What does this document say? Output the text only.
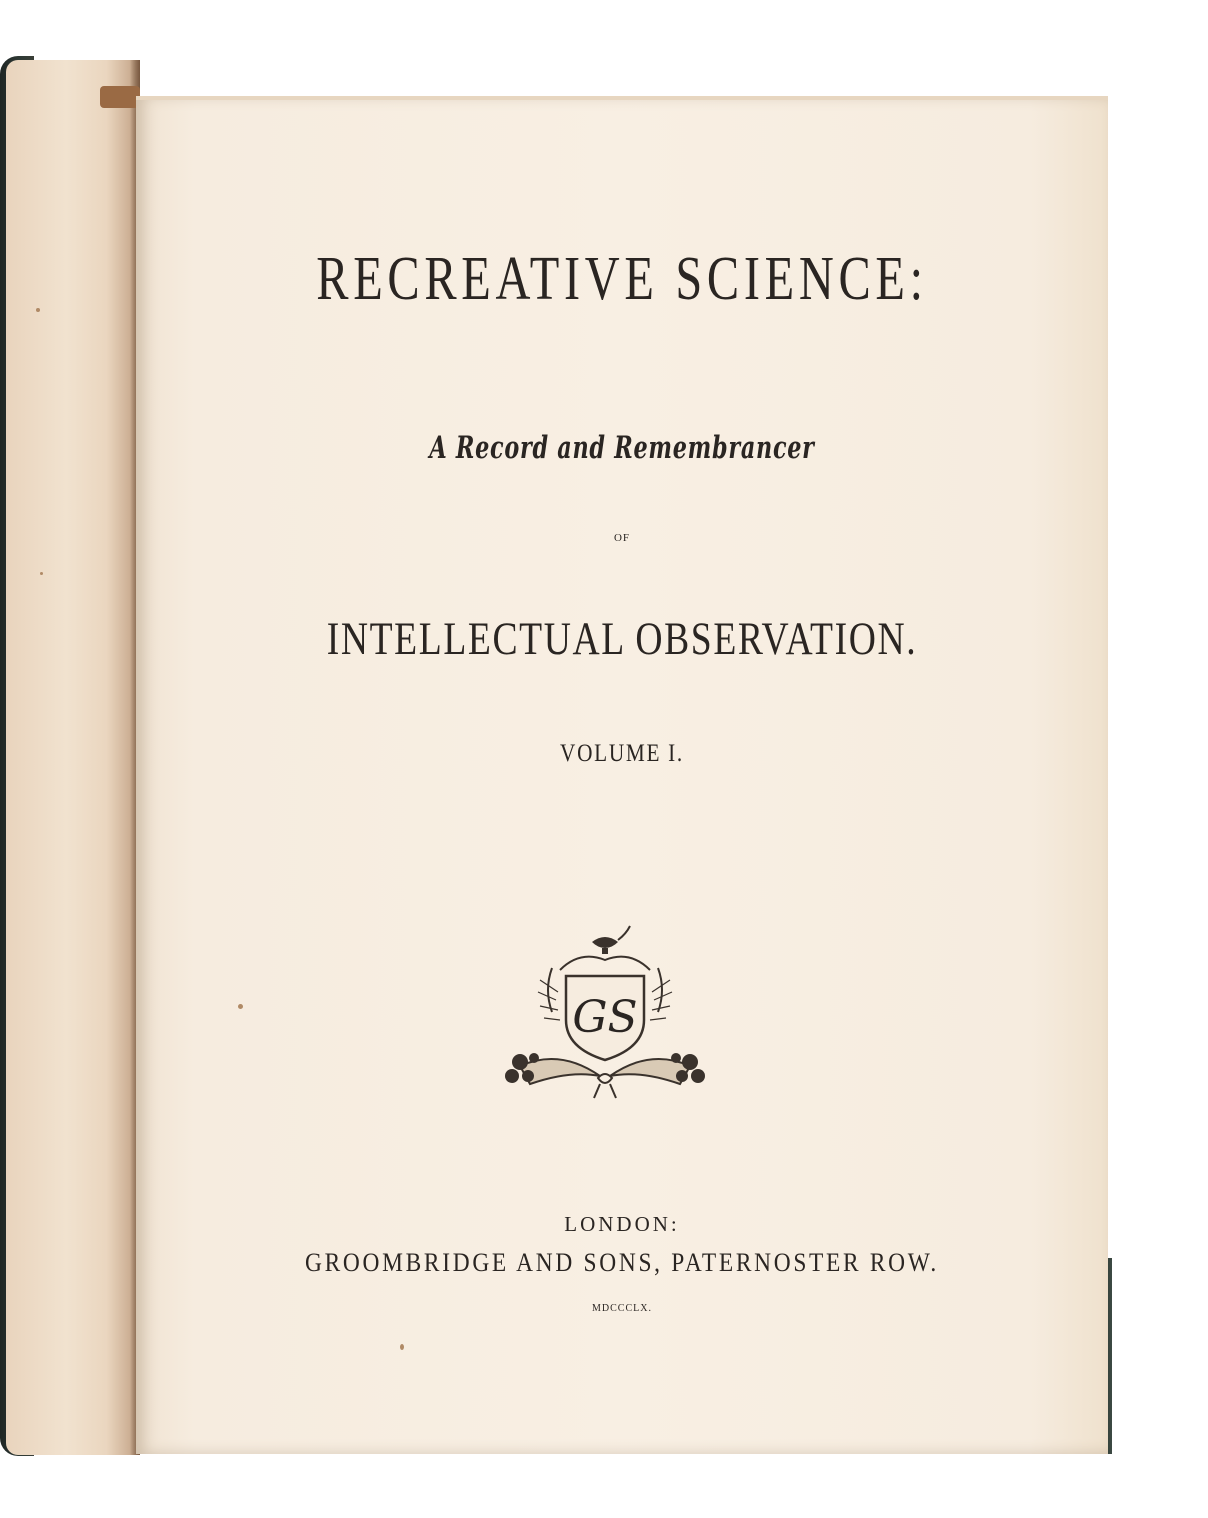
RECREATIVE SCIENCE:
A Record and Remembrancer
OF
INTELLECTUAL OBSERVATION.
VOLUME I.
GS
LONDON:
GROOMBRIDGE AND SONS, PATERNOSTER ROW.
MDCCCLX.
